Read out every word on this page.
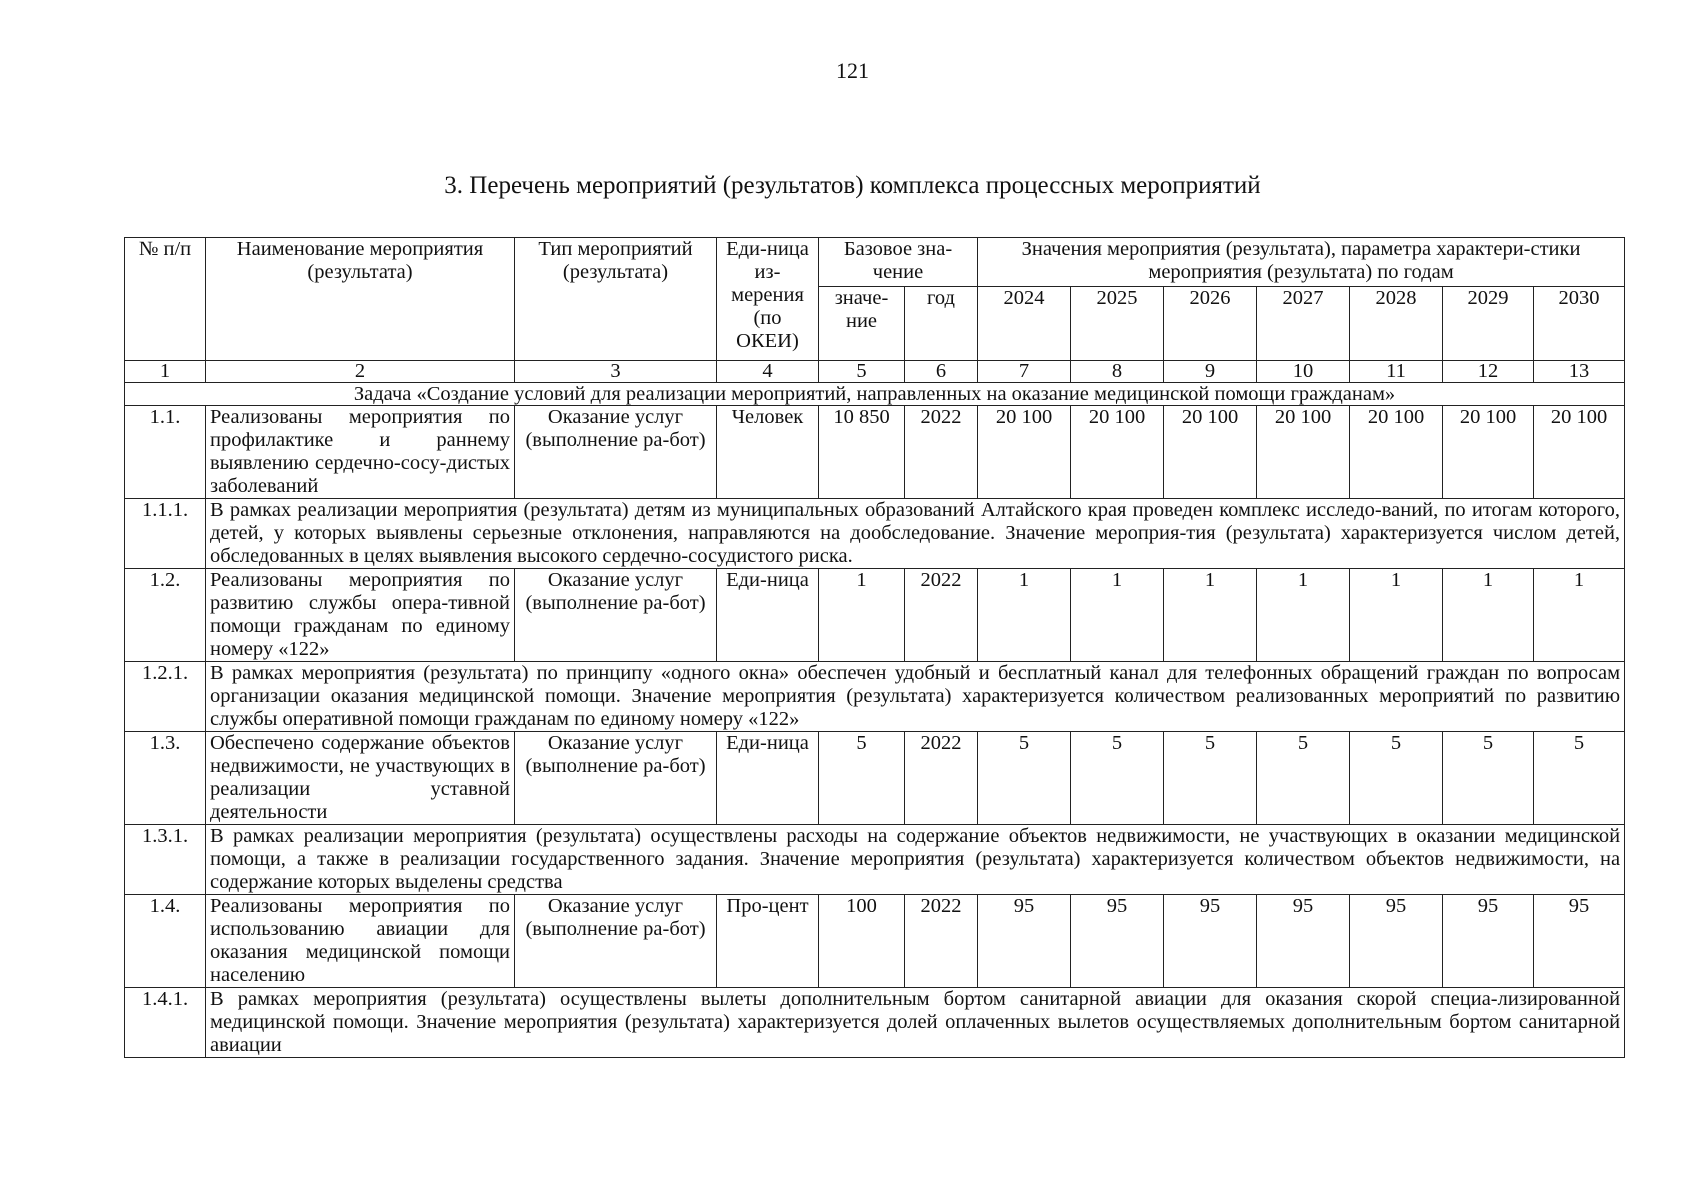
121
3. Перечень мероприятий (результатов) комплекса процессных мероприятий
№ п/п	Наименование мероприятия (результата)	Тип мероприятий (результата)	Еди-ница из-мерения (по ОКЕИ)	Базовое зна-чение		Значения мероприятия (результата), параметра характери-стики мероприятия (результата) по годам						
				значе-ние	год	2024	2025	2026	2027	2028	2029	2030
1	2	3	4	5	6	7	8	9	10	11	12	13
Задача «Создание условий для реализации мероприятий, направленных на оказание медицинской помощи гражданам»												
1.1.	Реализованы мероприятия по профилактике и раннему выявлению сердечно-сосу-дистых заболеваний	Оказание услуг (выполнение ра-бот)	Человек	10 850	2022	20 100	20 100	20 100	20 100	20 100	20 100	20 100
1.1.1.	В рамках реализации мероприятия (результата) детям из муниципальных образований Алтайского края проведен комплекс исследо-ваний, по итогам которого, детей, у которых выявлены серьезные отклонения, направляются на дообследование. Значение мероприя-тия (результата) характеризуется числом детей, обследованных в целях выявления высокого сердечно-сосудистого риска.											
1.2.	Реализованы мероприятия по развитию службы опера-тивной помощи гражданам по единому номеру «122»	Оказание услуг (выполнение ра-бот)	Еди-ница	1	2022	1	1	1	1	1	1	1
1.2.1.	В рамках мероприятия (результата) по принципу «одного окна» обеспечен удобный и бесплатный канал для телефонных обращений граждан по вопросам организации оказания медицинской помощи. Значение мероприятия (результата) характеризуется количеством реализованных мероприятий по развитию службы оперативной помощи гражданам по единому номеру «122»											
1.3.	Обеспечено содержание объектов недвижимости, не участвующих в реализации уставной деятельности	Оказание услуг (выполнение ра-бот)	Еди-ница	5	2022	5	5	5	5	5	5	5
1.3.1.	В рамках реализации мероприятия (результата) осуществлены расходы на содержание объектов недвижимости, не участвующих в оказании медицинской помощи, а также в реализации государственного задания. Значение мероприятия (результата) характеризуется количеством объектов недвижимости, на содержание которых выделены средства											
1.4.	Реализованы мероприятия по использованию авиации для оказания медицинской помощи населению	Оказание услуг (выполнение ра-бот)	Про-цент	100	2022	95	95	95	95	95	95	95
1.4.1.	В рамках мероприятия (результата) осуществлены вылеты дополнительным бортом санитарной авиации для оказания скорой специа-лизированной медицинской помощи. Значение мероприятия (результата) характеризуется долей оплаченных вылетов осуществляемых дополнительным бортом санитарной авиации											
